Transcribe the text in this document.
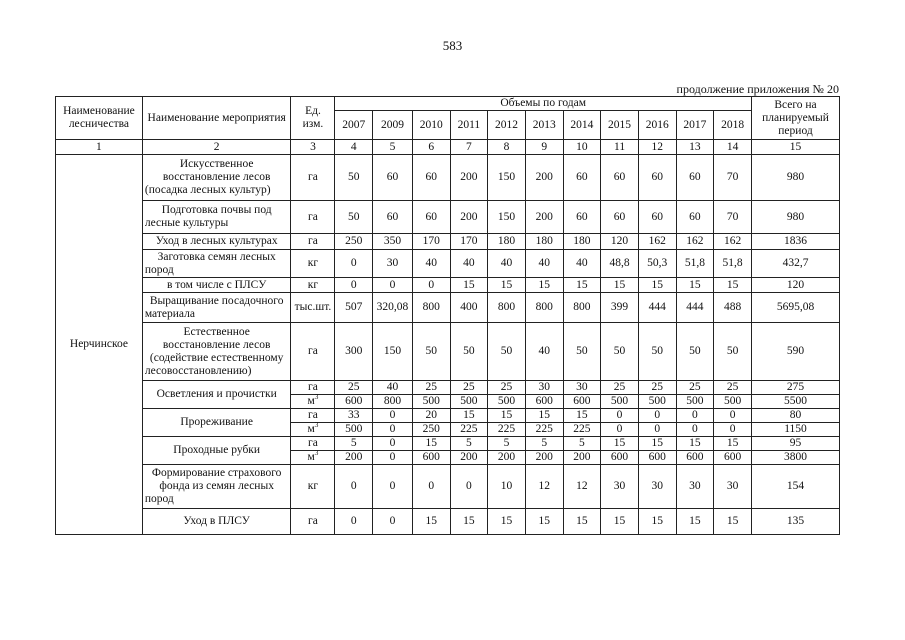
583
продолжение приложения № 20
Наименование лесничества	Наименование мероприятия	Ед. изм.	Объемы по годам											Всего на планируемый период
			2007	2009	2010	2011	2012	2013	2014	2015	2016	2017	2018	
1	2	3	4	5	6	7	8	9	10	11	12	13	14	15
Нерчинское	Искусственное восстановление лесов (посадка лесных культур)	га	50	60	60	200	150	200	60	60	60	60	70	980
	Подготовка почвы под лесные культуры	га	50	60	60	200	150	200	60	60	60	60	70	980
	Уход в лесных культурах	га	250	350	170	170	180	180	180	120	162	162	162	1836
	Заготовка семян лесных пород	кг	0	30	40	40	40	40	40	48,8	50,3	51,8	51,8	432,7
	в том числе с ПЛСУ	кг	0	0	0	15	15	15	15	15	15	15	15	120
	Выращивание посадочного материала	тыс.шт.	507	320,08	800	400	800	800	800	399	444	444	488	5695,08
	Естественное восстановление лесов (содействие естественному лесовосстановлению)	га	300	150	50	50	50	40	50	50	50	50	50	590
	Осветления и прочистки	га	25	40	25	25	25	30	30	25	25	25	25	275
		$м^3$	600	800	500	500	500	600	600	500	500	500	500	5500
	Прореживание	га	33	0	20	15	15	15	15	0	0	0	0	80
		$м^3$	500	0	250	225	225	225	225	0	0	0	0	1150
	Проходные рубки	га	5	0	15	5	5	5	5	15	15	15	15	95
		$м^3$	200	0	600	200	200	200	200	600	600	600	600	3800
	Формирование страхового фонда из семян лесных пород	кг	0	0	0	0	10	12	12	30	30	30	30	154
	Уход в ПЛСУ	га	0	0	15	15	15	15	15	15	15	15	15	135
